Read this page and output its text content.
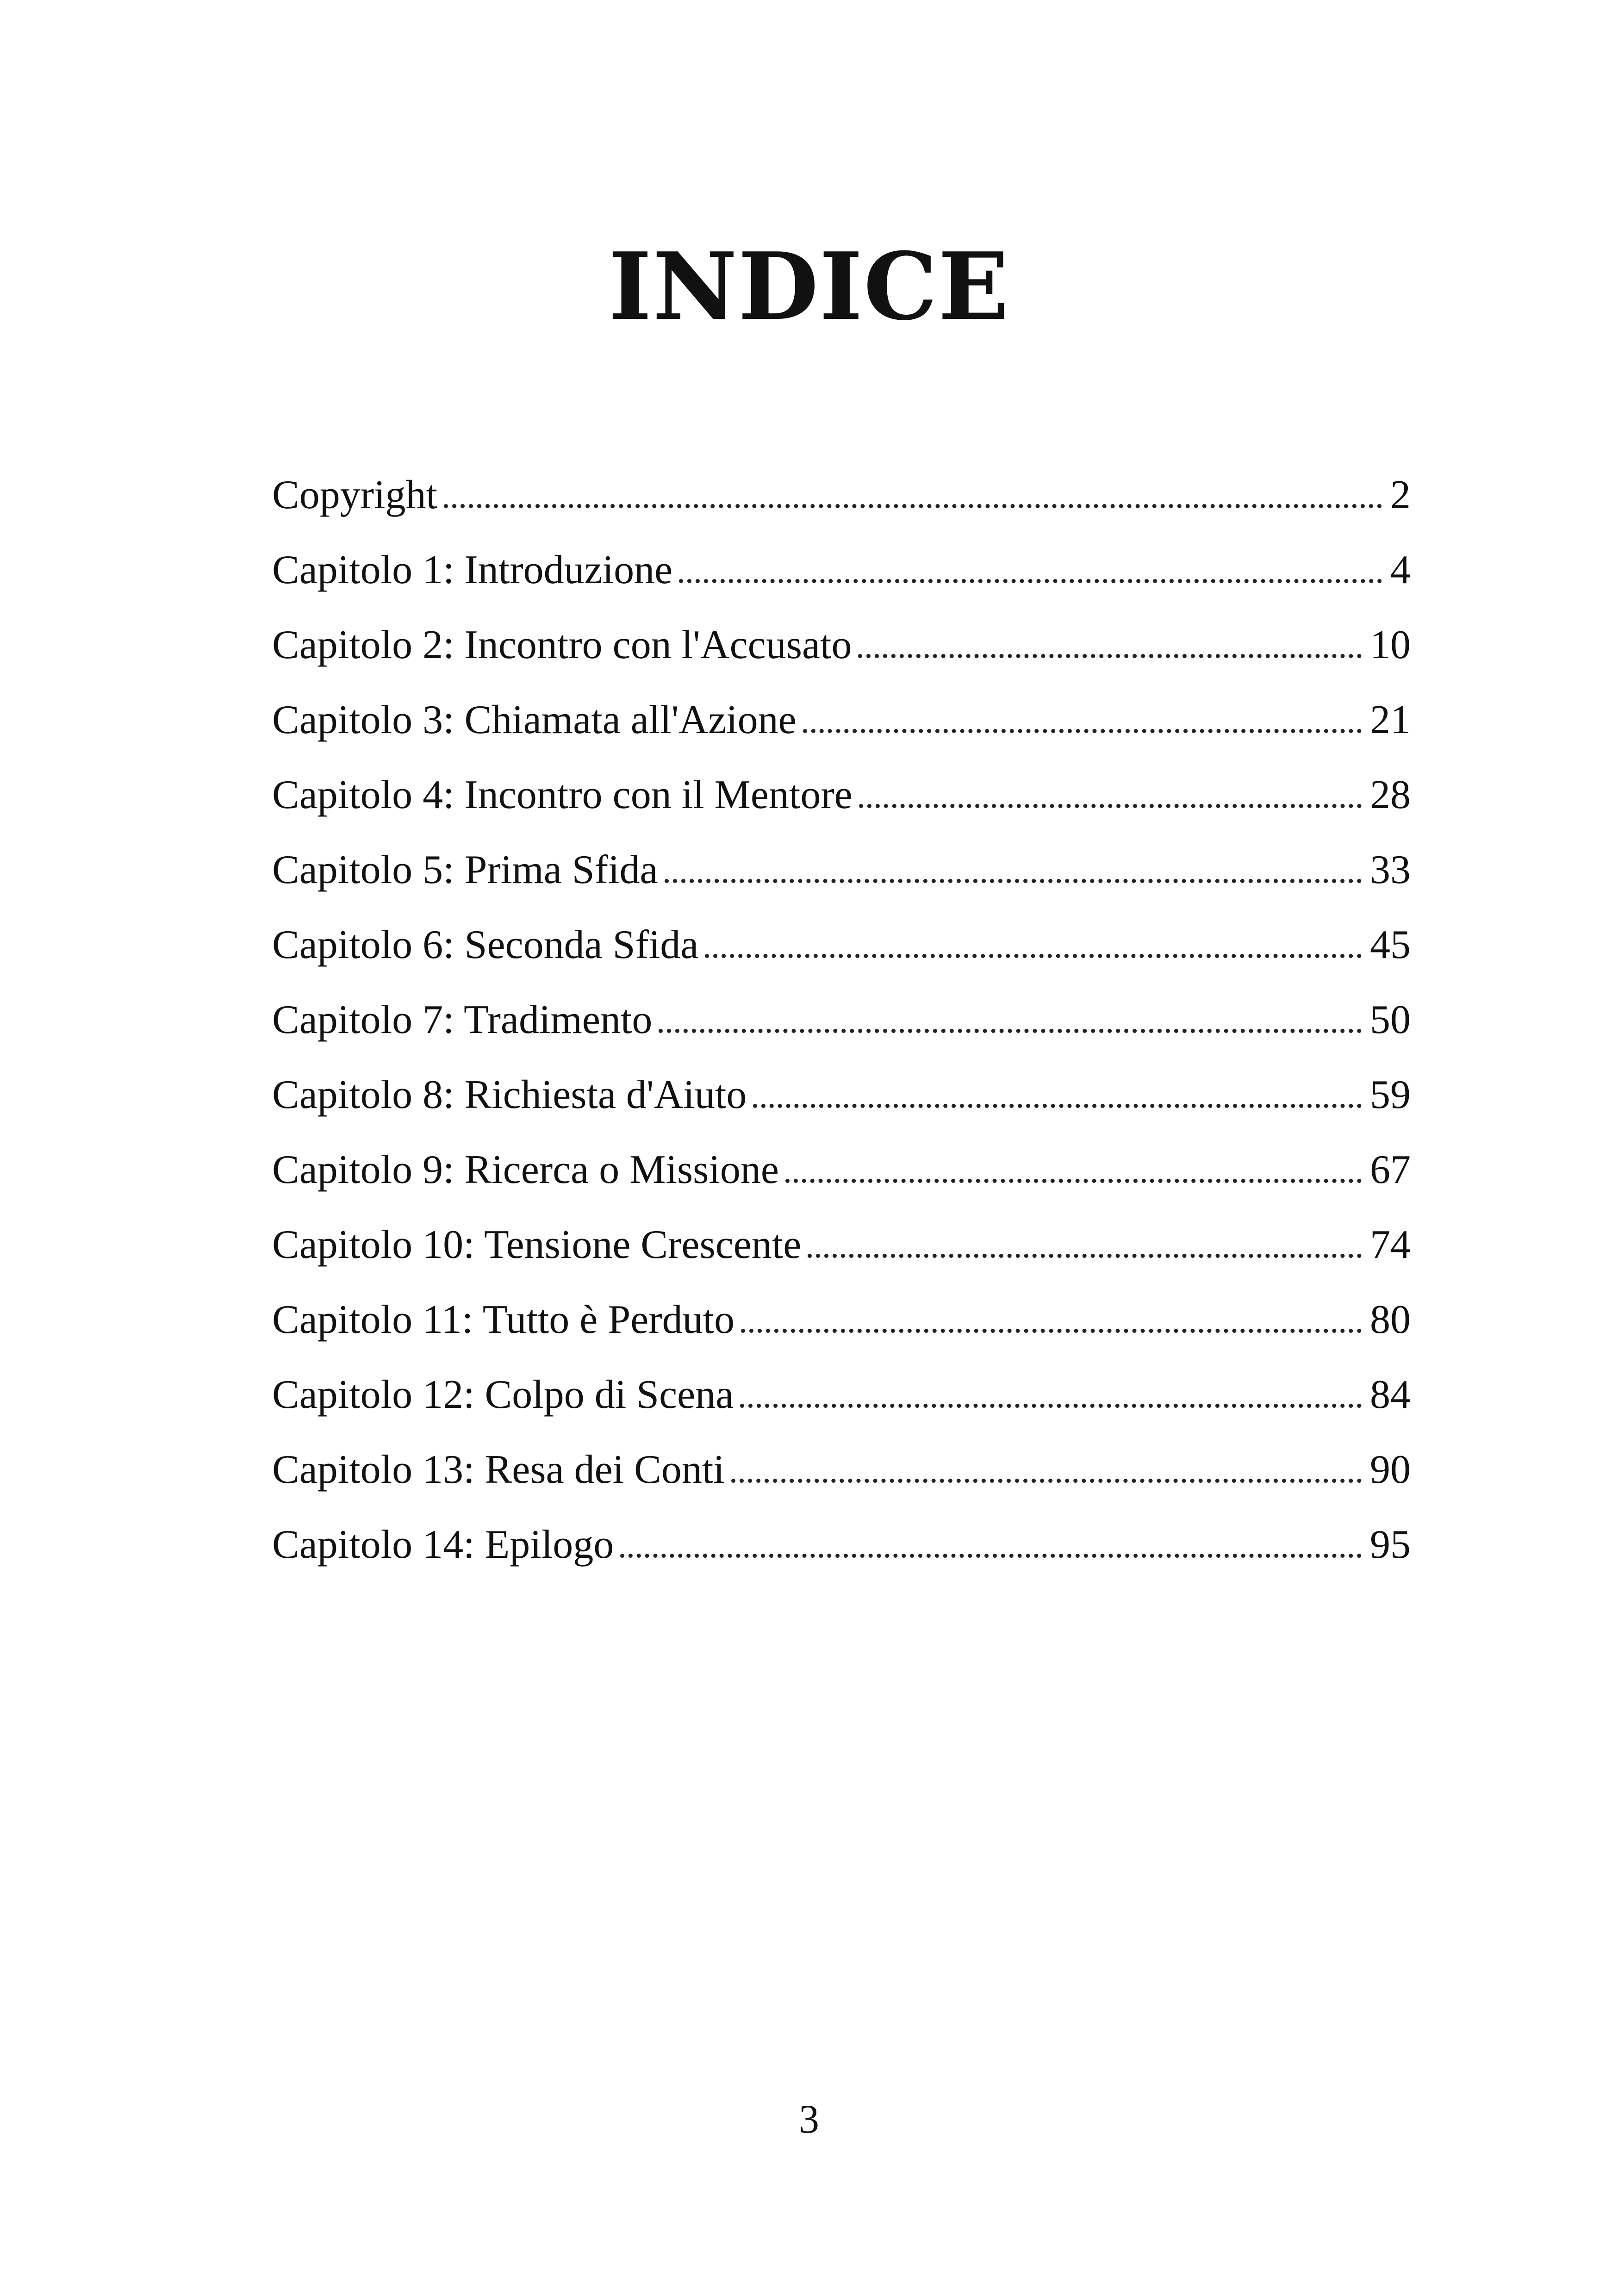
INDICE
Copyright	2
Capitolo 1: Introduzione	4
Capitolo 2: Incontro con l'Accusato	10
Capitolo 3: Chiamata all'Azione	21
Capitolo 4: Incontro con il Mentore	28
Capitolo 5: Prima Sfida	33
Capitolo 6: Seconda Sfida	45
Capitolo 7: Tradimento	50
Capitolo 8: Richiesta d'Aiuto	59
Capitolo 9: Ricerca o Missione	67
Capitolo 10: Tensione Crescente	74
Capitolo 11: Tutto è Perduto	80
Capitolo 12: Colpo di Scena	84
Capitolo 13: Resa dei Conti	90
Capitolo 14: Epilogo	95
3
